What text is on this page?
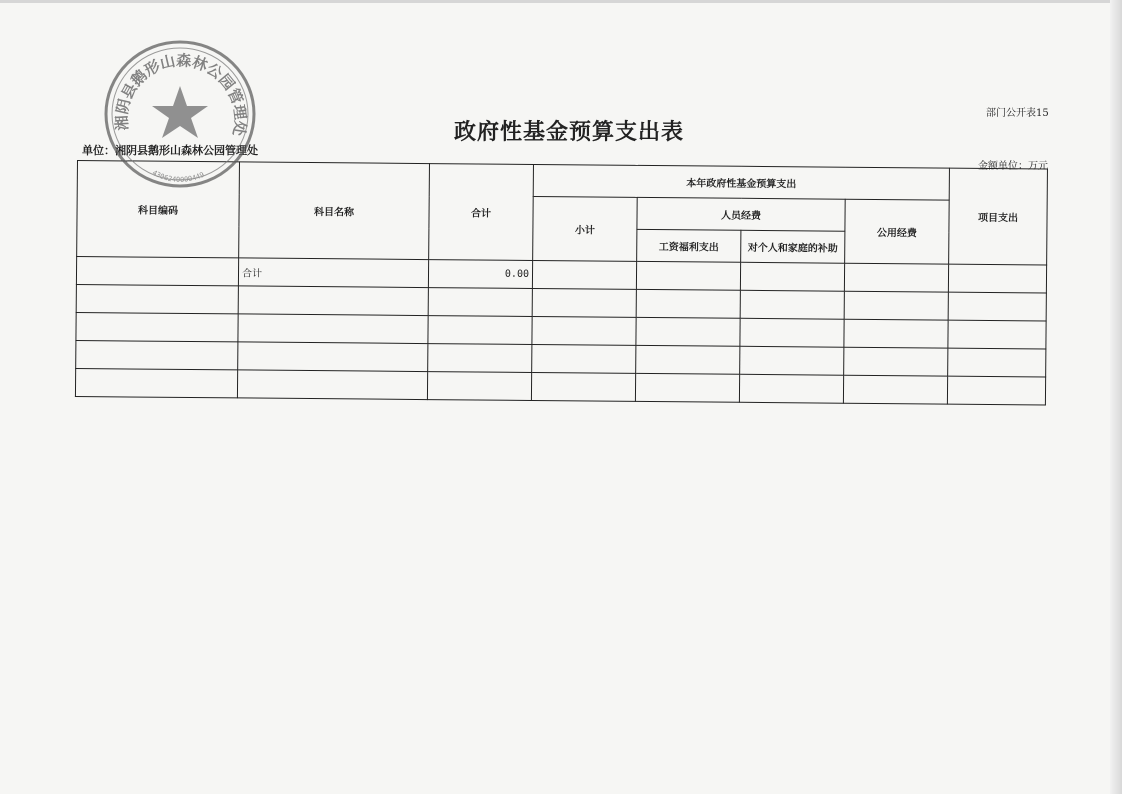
部门公开表15
政府性基金预算支出表
单位：湘阴县鹅形山森林公园管理处
金额单位：万元
科目编码	科目名称	合计	本年政府性基金预算支出				项目支出
			小计	人员经费		公用经费	
				工资福利支出	对个人和家庭的补助		
	合计	0.00					

湘阴县鹅形山森林公园管理处
4306240000449
